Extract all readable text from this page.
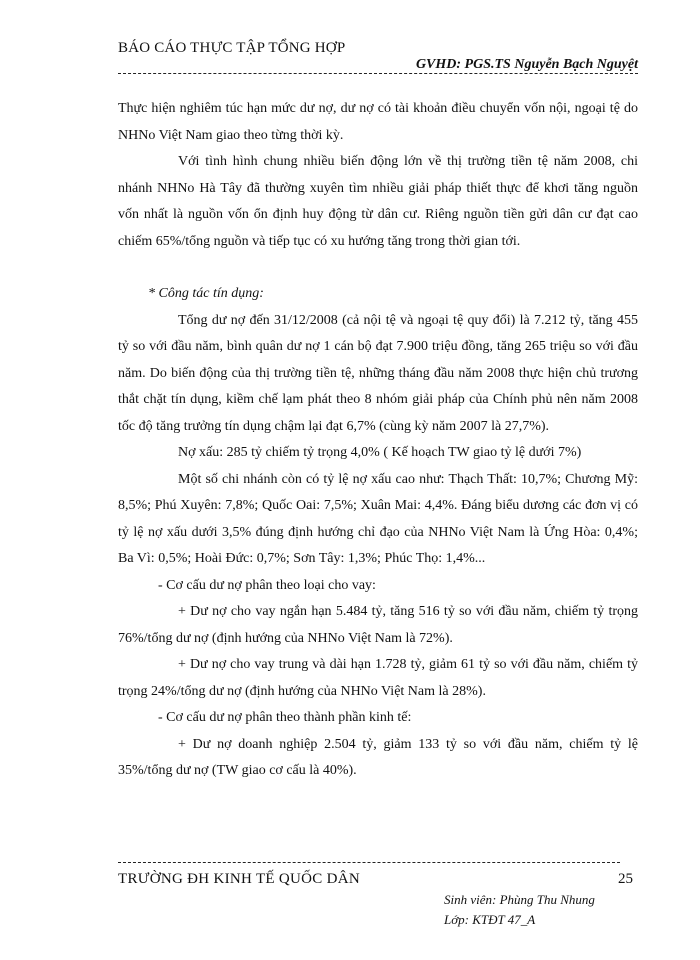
BÁO CÁO THỰC TẬP TỔNG HỢP
GVHD: PGS.TS Nguyễn Bạch Nguyệt

Thực hiện nghiêm túc hạn mức dư nợ, dư nợ có tài khoản điều chuyển vốn nội, ngoại tệ do NHNo Việt Nam giao theo từng thời kỳ.

Với tình hình chung nhiều biến động lớn về thị trường tiền tệ năm 2008, chi nhánh NHNo Hà Tây đã thường xuyên tìm nhiều giải pháp thiết thực để khơi tăng nguồn vốn nhất là nguồn vốn ổn định huy động từ dân cư. Riêng nguồn tiền gửi dân cư đạt cao chiếm 65%/tổng nguồn và tiếp tục có xu hướng tăng trong thời gian tới.

* Công tác tín dụng:

Tổng dư nợ đến 31/12/2008 (cả nội tệ và ngoại tệ quy đổi) là 7.212 tỷ, tăng 455 tỷ so với đầu năm, bình quân dư nợ 1 cán bộ đạt 7.900 triệu đồng, tăng 265 triệu so với đầu năm. Do biến động của thị trường tiền tệ, những tháng đầu năm 2008 thực hiện chủ trương thắt chặt tín dụng, kiềm chế lạm phát theo 8 nhóm giải pháp của Chính phủ nên năm 2008 tốc độ tăng trưởng tín dụng chậm lại đạt 6,7% (cùng kỳ năm 2007 là 27,7%).

Nợ xấu: 285 tỷ chiếm tỷ trọng 4,0% ( Kế hoạch TW giao tỷ lệ dưới 7%)

Một số chi nhánh còn có tỷ lệ nợ xấu cao như: Thạch Thất: 10,7%; Chương Mỹ: 8,5%; Phú Xuyên: 7,8%; Quốc Oai: 7,5%; Xuân Mai: 4,4%. Đáng biểu dương các đơn vị có tỷ lệ nợ xấu dưới 3,5% đúng định hướng chỉ đạo của NHNo Việt Nam là Ứng Hòa: 0,4%; Ba Vì: 0,5%; Hoài Đức: 0,7%; Sơn Tây: 1,3%; Phúc Thọ: 1,4%...

- Cơ cấu dư nợ phân theo loại cho vay:

+ Dư nợ cho vay ngắn hạn 5.484 tỷ, tăng 516 tỷ so với đầu năm, chiếm tỷ trọng 76%/tổng dư nợ (định hướng của NHNo Việt Nam là 72%).

+ Dư nợ cho vay trung và dài hạn 1.728 tỷ, giảm 61 tỷ so với đầu năm, chiếm tỷ trọng 24%/tổng dư nợ (định hướng của NHNo Việt Nam là 28%).

- Cơ cấu dư nợ phân theo thành phần kinh tế:

+ Dư nợ doanh nghiệp 2.504 tỷ, giảm 133 tỷ so với đầu năm, chiếm tỷ lệ 35%/tổng dư nợ (TW giao cơ cấu là 40%).

TRƯỜNG ĐH KINH TẾ QUỐC DÂN	25
Sinh viên: Phùng Thu Nhung
Lớp: KTĐT 47_A
